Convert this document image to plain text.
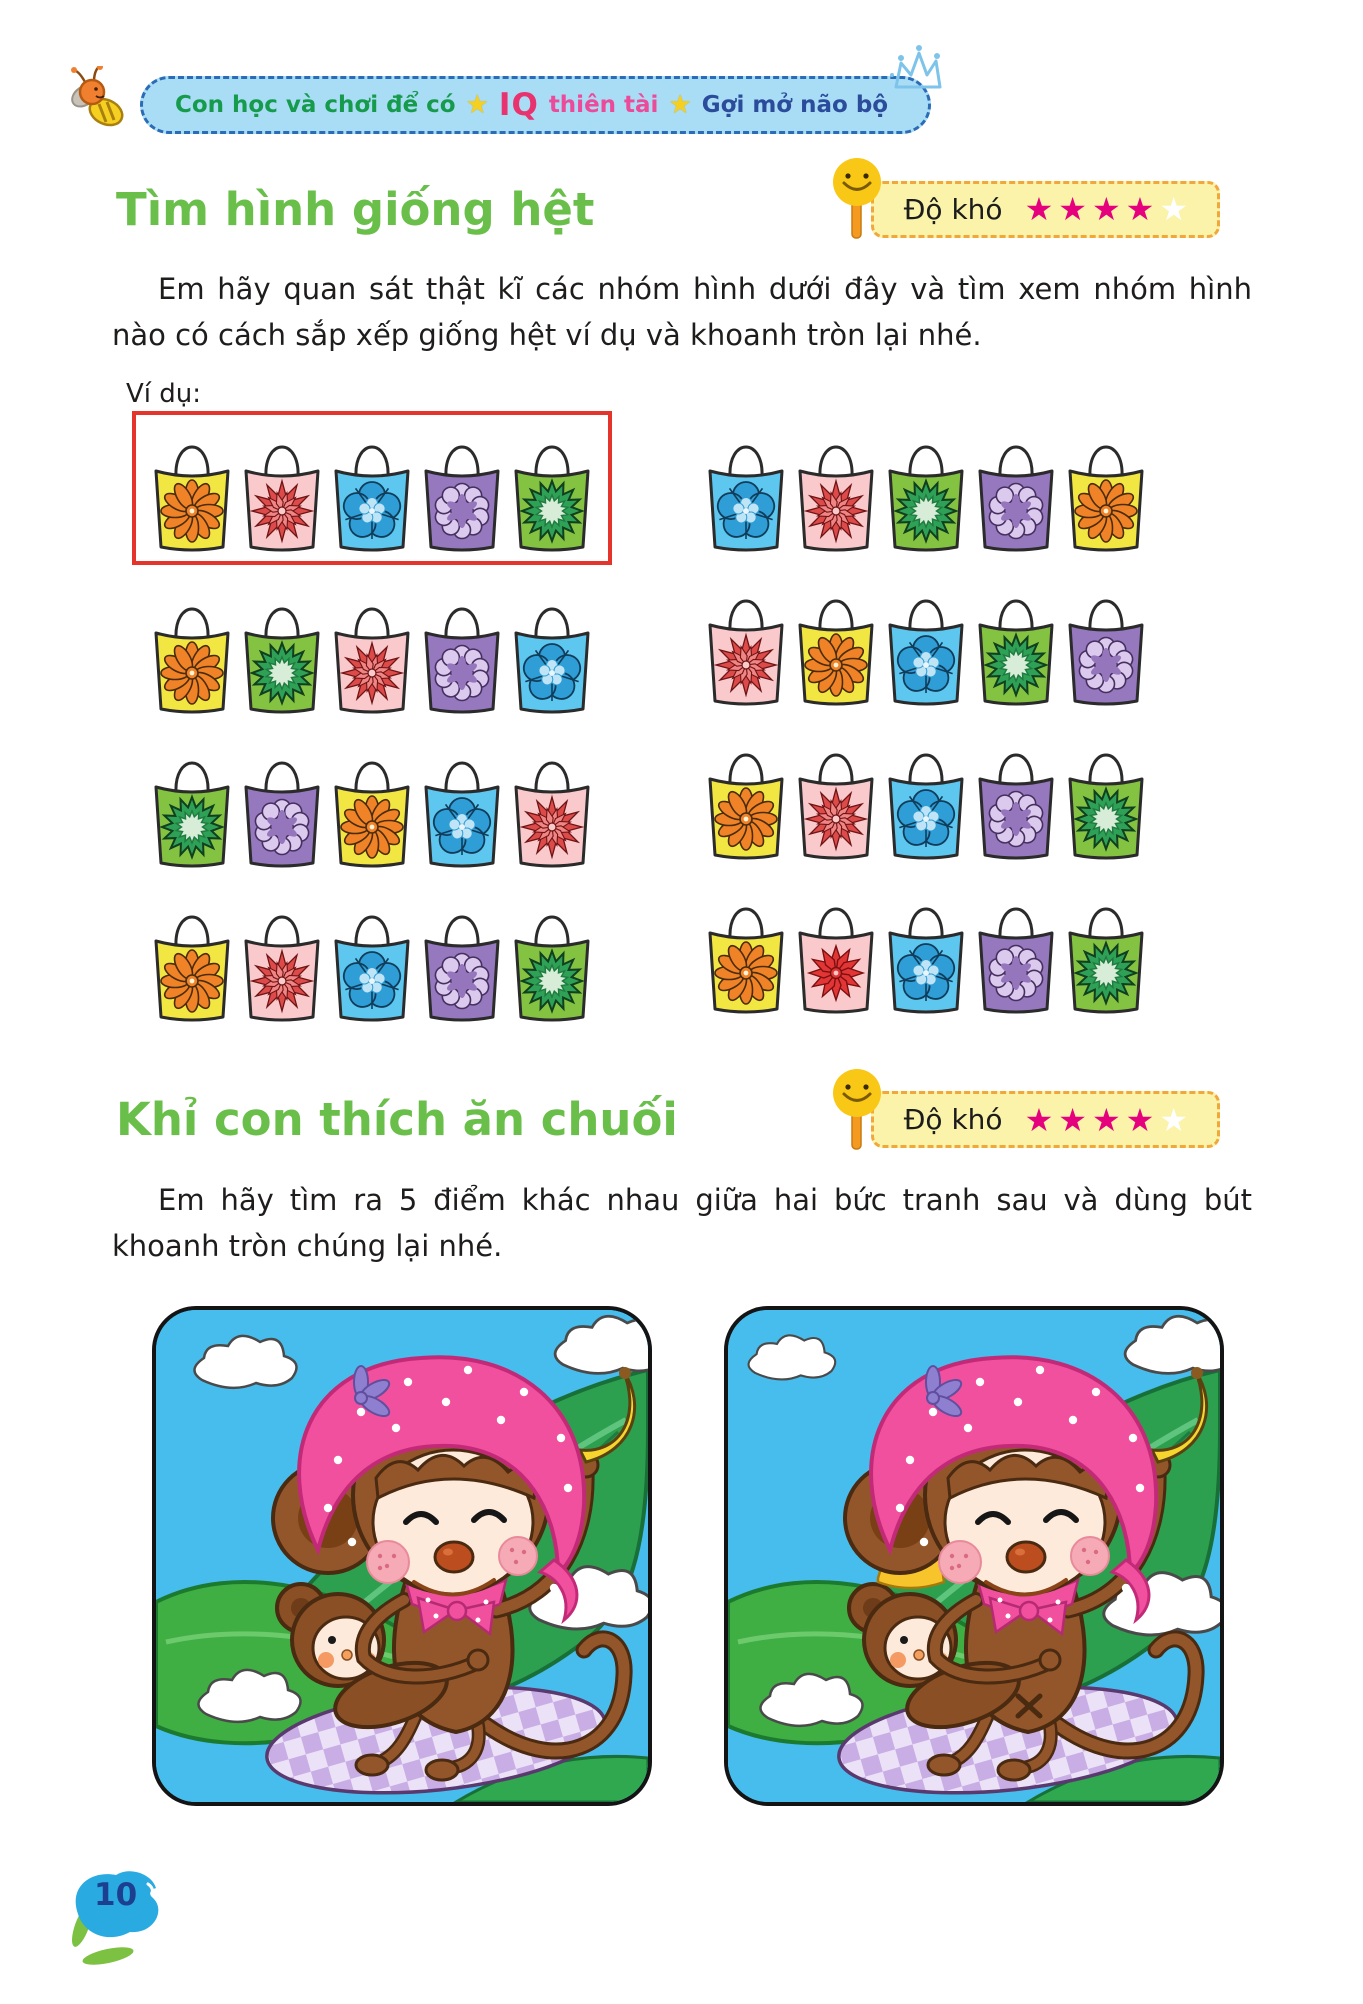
Con học và chơi để có ★ IQ thiên tài ★ Gợi mở não bộ
Tìm hình giống hệt	Độ khó ★★★★★

Em hãy quan sát thật kĩ các nhóm hình dưới đây và tìm xem nhóm hình nào có cách sắp xếp giống hệt ví dụ và khoanh tròn lại nhé.

Ví dụ:
Khỉ con thích ăn chuối	Độ khó ★★★★★

Em hãy tìm ra 5 điểm khác nhau giữa hai bức tranh sau và dùng bút khoanh tròn chúng lại nhé.

10
